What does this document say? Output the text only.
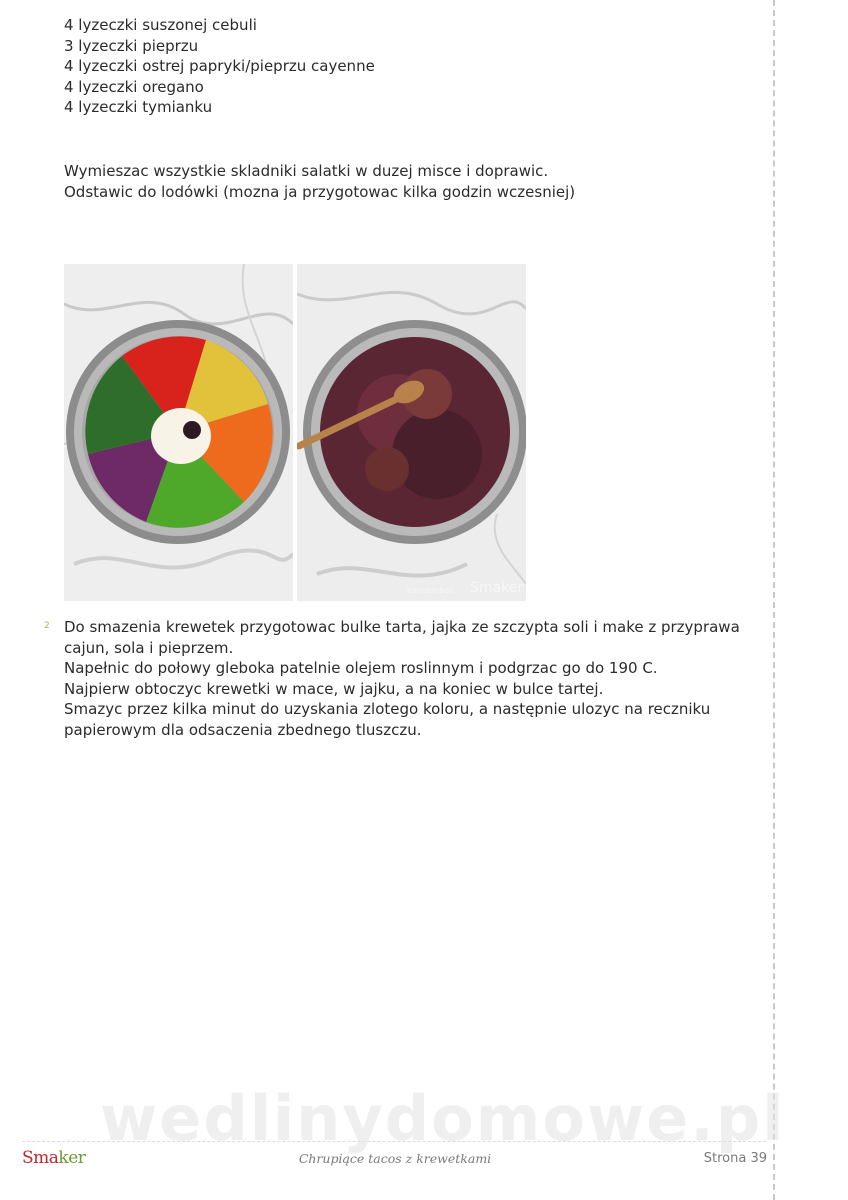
4 lyzeczki suszonej cebuli
3 lyzeczki pieprzu
4 lyzeczki ostrej papryki/pieprzu cayenne
4 lyzeczki oregano
4 lyzeczki tymianku

Wymieszac wszystkie skladniki salatki w duzej misce i doprawic.
Odstawic do lodówki (mozna ja przygotowac kilka godzin wczesniej)

konnambos Smaker
2 Do smazenia krewetek przygotowac bulke tarta, jajka ze szczypta soli i make z przyprawa cajun, sola i pieprzem.
Napełnic do połowy gleboka patelnie olejem roslinnym i podgrzac go do 190 C.
Najpierw obtoczyc krewetki w mace, w jajku, a na koniec w bulce tartej.
Smazyc przez kilka minut do uzyskania zlotego koloru, a następnie ulozyc na reczniku papierowym dla odsaczenia zbednego tluszczu.

wedlinydomowe.pl
Smaker	Chrupiące tacos z krewetkami	Strona 39
